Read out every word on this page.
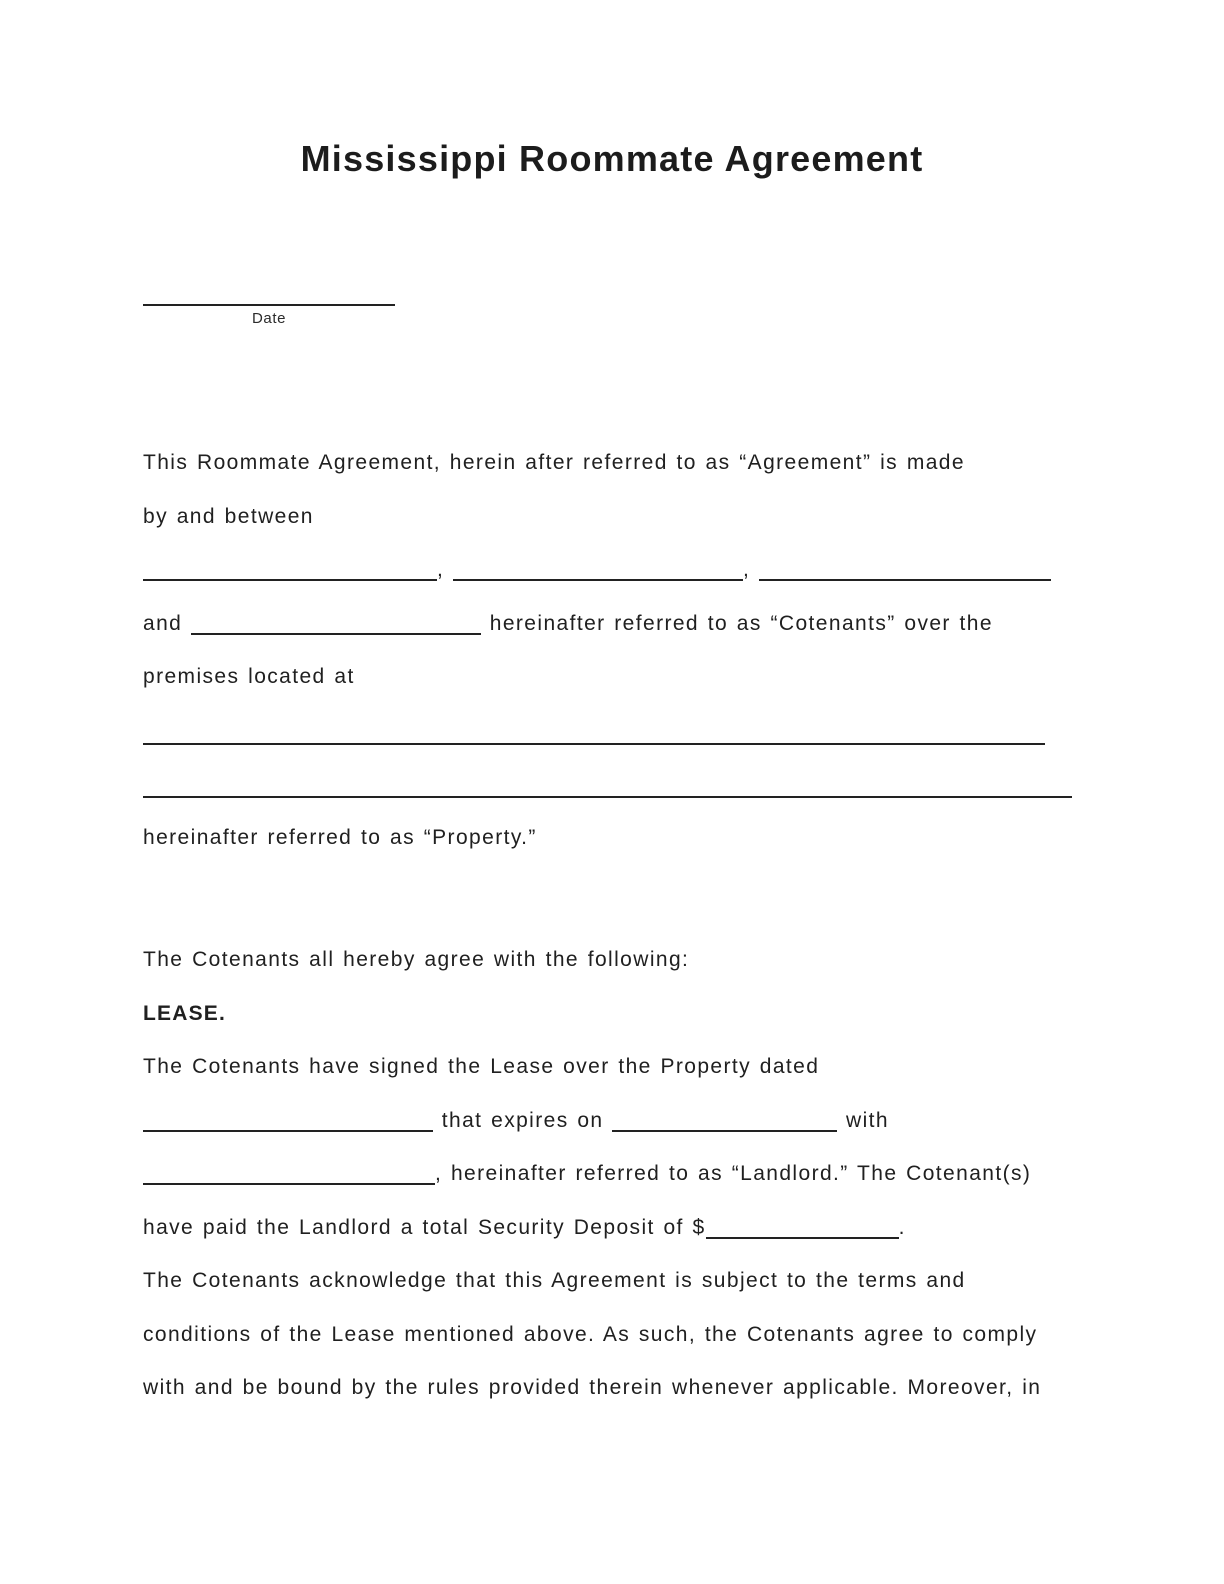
Mississippi Roommate Agreement
Date
This Roommate Agreement, herein after referred to as “Agreement” is made
by and between
,	,
and	hereinafter referred to as “Cotenants” over the
premises located at
hereinafter referred to as “Property.”
The Cotenants all hereby agree with the following:
LEASE.
The Cotenants have signed the Lease over the Property dated
that expires on	with
, hereinafter referred to as “Landlord.” The Cotenant(s)
have paid the Landlord a total Security Deposit of $	.
The Cotenants acknowledge that this Agreement is subject to the terms and
conditions of the Lease mentioned above. As such, the Cotenants agree to comply
with and be bound by the rules provided therein whenever applicable. Moreover, in
